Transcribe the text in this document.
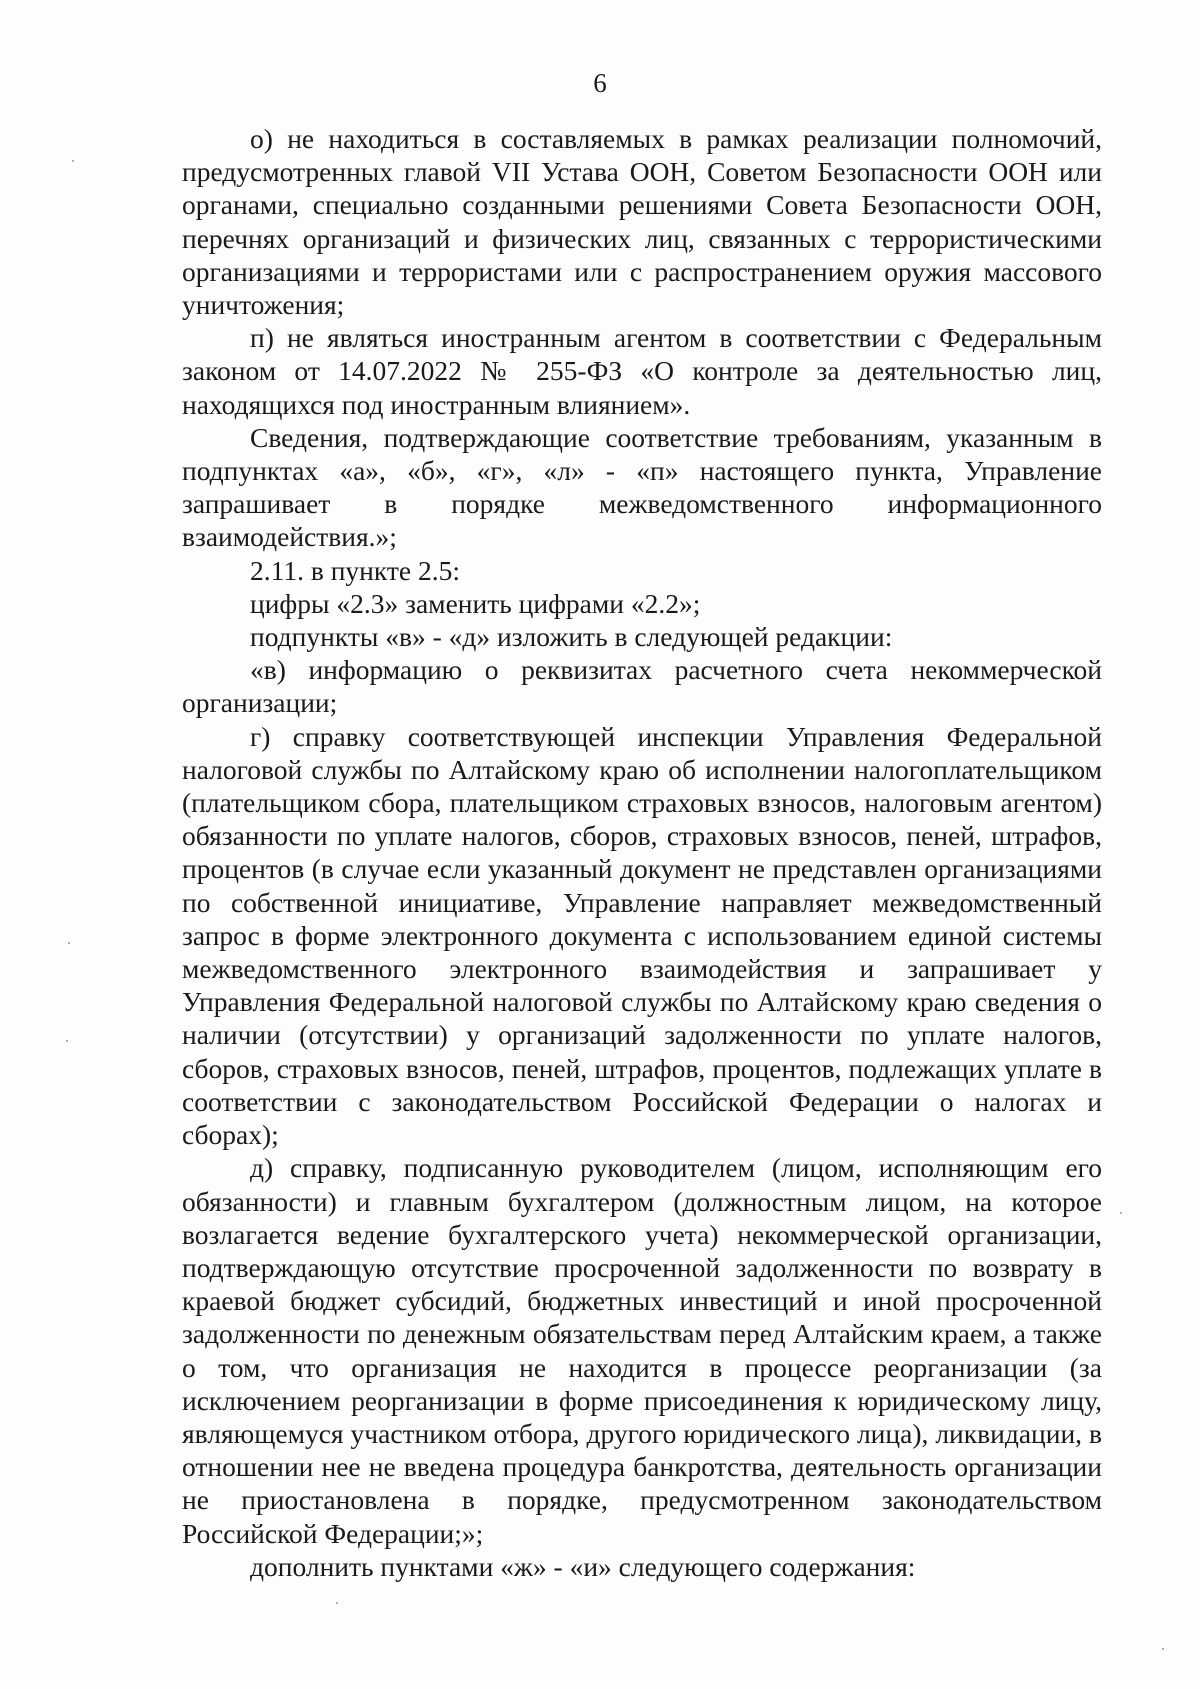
6

о) не находиться в составляемых в рамках реализации полномочий, предусмотренных главой VII Устава ООН, Советом Безопасности ООН или органами, специально созданными решениями Совета Безопасности ООН, перечнях организаций и физических лиц, связанных с террористическими организациями и террористами или с распространением оружия массового уничтожения;

п) не являться иностранным агентом в соответствии с Федеральным законом от 14.07.2022 № 255-ФЗ «О контроле за деятельностью лиц, находящихся под иностранным влиянием».

Сведения, подтверждающие соответствие требованиям, указанным в подпунктах «а», «б», «г», «л» - «п» настоящего пункта, Управление запрашивает в порядке межведомственного информационного взаимодействия.»;

2.11. в пункте 2.5:

цифры «2.3» заменить цифрами «2.2»;

подпункты «в» - «д» изложить в следующей редакции:

«в) информацию о реквизитах расчетного счета некоммерческой организации;

г) справку соответствующей инспекции Управления Федеральной налоговой службы по Алтайскому краю об исполнении налогоплательщиком (плательщиком сбора, плательщиком страховых взносов, налоговым агентом) обязанности по уплате налогов, сборов, страховых взносов, пеней, штрафов, процентов (в случае если указанный документ не представлен организациями по собственной инициативе, Управление направляет межведомственный запрос в форме электронного документа с использованием единой системы межведомственного электронного взаимодействия и запрашивает у Управления Федеральной налоговой службы по Алтайскому краю сведения о наличии (отсутствии) у организаций задолженности по уплате налогов, сборов, страховых взносов, пеней, штрафов, процентов, подлежащих уплате в соответствии с законодательством Российской Федерации о налогах и сборах);

д) справку, подписанную руководителем (лицом, исполняющим его обязанности) и главным бухгалтером (должностным лицом, на которое возлагается ведение бухгалтерского учета) некоммерческой организации, подтверждающую отсутствие просроченной задолженности по возврату в краевой бюджет субсидий, бюджетных инвестиций и иной просроченной задолженности по денежным обязательствам перед Алтайским краем, а также о том, что организация не находится в процессе реорганизации (за исключением реорганизации в форме присоединения к юридическому лицу, являющемуся участником отбора, другого юридического лица), ликвидации, в отношении нее не введена процедура банкротства, деятельность организации не приостановлена в порядке, предусмотренном законодательством Российской Федерации;»;

дополнить пунктами «ж» - «и» следующего содержания:
